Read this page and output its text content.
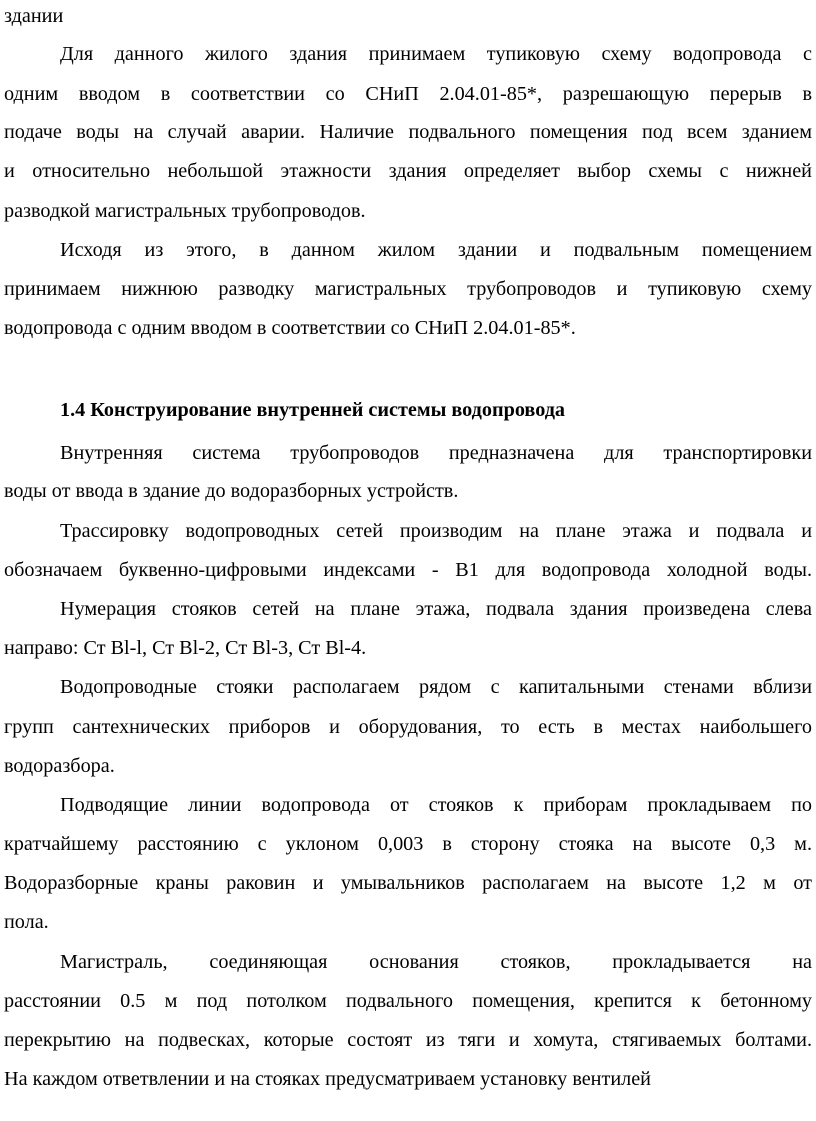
здании
Для данного жилого здания принимаем тупиковую схему водопровода с
одним вводом в соответствии со СНиП 2.04.01-85*, разрешающую перерыв в
подаче воды на случай аварии. Наличие подвального помещения под всем зданием
и относительно небольшой этажности здания определяет выбор схемы с нижней
разводкой магистральных трубопроводов.
Исходя из этого, в данном жилом здании и подвальным помещением
принимаем нижнюю разводку магистральных трубопроводов и тупиковую схему
водопровода с одним вводом в соответствии со СНиП 2.04.01-85*.
1.4 Конструирование внутренней системы водопровода
Внутренняя система трубопроводов предназначена для транспортировки
воды от ввода в здание до водоразборных устройств.
Трассировку водопроводных сетей производим на плане этажа и подвала и
обозначаем буквенно-цифровыми индексами - В1 для водопровода холодной воды.
Нумерация стояков сетей на плане этажа, подвала здания произведена слева
направо: Ст Bl-l, Ст Bl-2, Ст Bl-3, Ст Bl-4.
Водопроводные стояки располагаем рядом с капитальными стенами вблизи
групп сантехнических приборов и оборудования, то есть в местах наибольшего
водоразбора.
Подводящие линии водопровода от стояков к приборам прокладываем по
кратчайшему расстоянию с уклоном 0,003 в сторону стояка на высоте 0,3 м.
Водоразборные краны раковин и умывальников располагаем на высоте 1,2 м от
пола.
Магистраль, соединяющая основания стояков, прокладывается на
расстоянии 0.5 м под потолком подвального помещения, крепится к бетонному
перекрытию на подвесках, которые состоят из тяги и хомута, стягиваемых болтами.
На каждом ответвлении и на стояках предусматриваем установку вентилей
